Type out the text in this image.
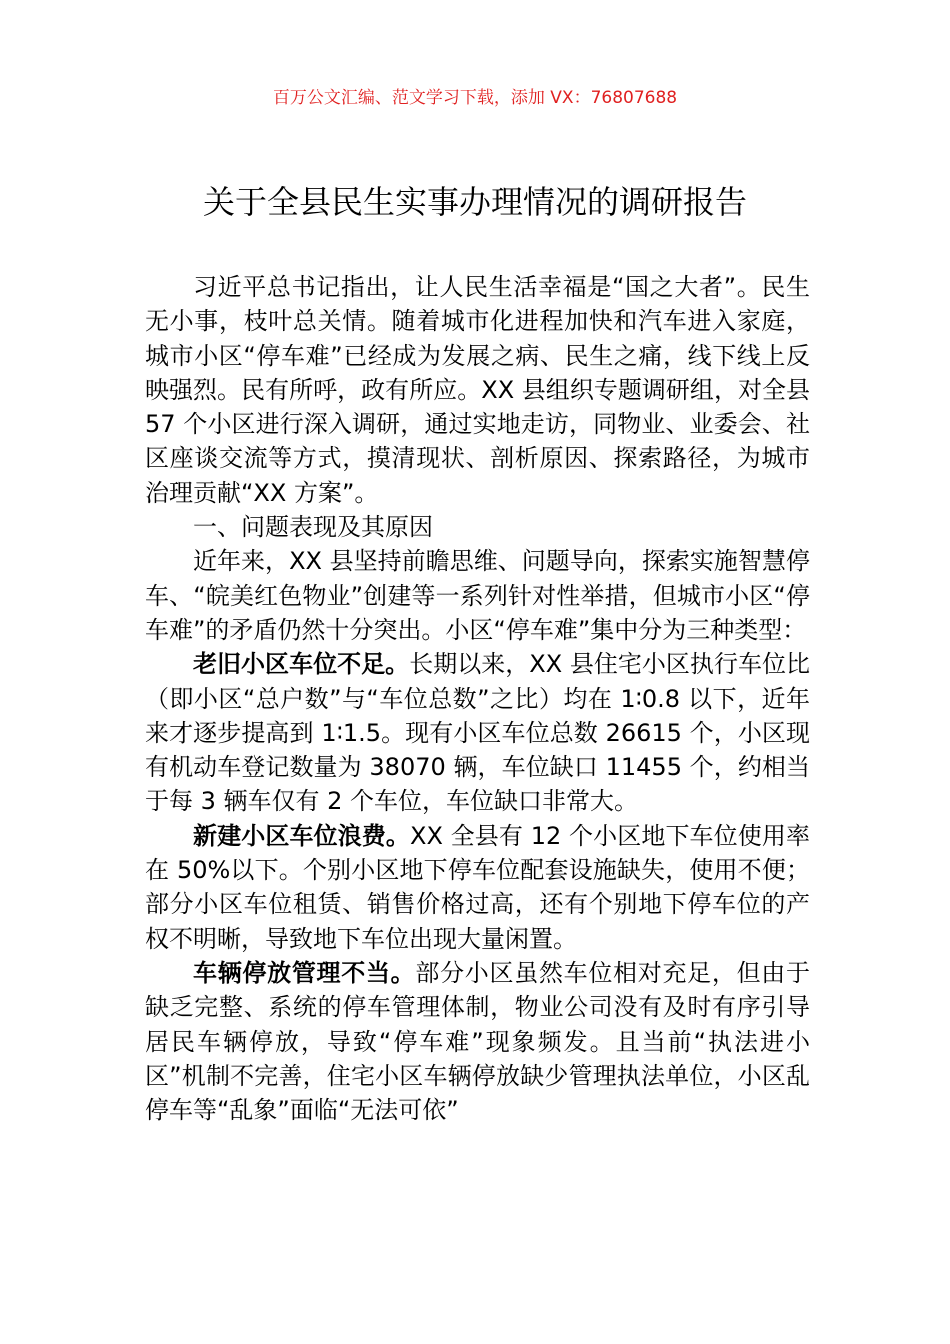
百万公文汇编、范文学习下载，添加 VX：76807688
关于全县民生实事办理情况的调研报告

习近平总书记指出，让人民生活幸福是“国之大者”。民生无小事，枝叶总关情。随着城市化进程加快和汽车进入家庭，城市小区“停车难”已经成为发展之病、民生之痛，线下线上反映强烈。民有所呼，政有所应。XX 县组织专题调研组，对全县 57 个小区进行深入调研，通过实地走访，同物业、业委会、社区座谈交流等方式，摸清现状、剖析原因、探索路径，为城市治理贡献“XX 方案”。

一、问题表现及其原因

近年来，XX 县坚持前瞻思维、问题导向，探索实施智慧停车、“皖美红色物业”创建等一系列针对性举措，但城市小区“停车难”的矛盾仍然十分突出。小区“停车难”集中分为三种类型：

老旧小区车位不足。长期以来，XX 县住宅小区执行车位比（即小区“总户数”与“车位总数”之比）均在 1∶0.8 以下，近年来才逐步提高到 1∶1.5。现有小区车位总数 26615 个，小区现有机动车登记数量为 38070 辆，车位缺口 11455 个，约相当于每 3 辆车仅有 2 个车位，车位缺口非常大。

新建小区车位浪费。XX 全县有 12 个小区地下车位使用率在 50%以下。个别小区地下停车位配套设施缺失，使用不便；部分小区车位租赁、销售价格过高，还有个别地下停车位的产权不明晰，导致地下车位出现大量闲置。

车辆停放管理不当。部分小区虽然车位相对充足，但由于缺乏完整、系统的停车管理体制，物业公司没有及时有序引导居民车辆停放，导致“停车难”现象频发。且当前“执法进小区”机制不完善，住宅小区车辆停放缺少管理执法单位，小区乱停车等“乱象”面临“无法可依”
